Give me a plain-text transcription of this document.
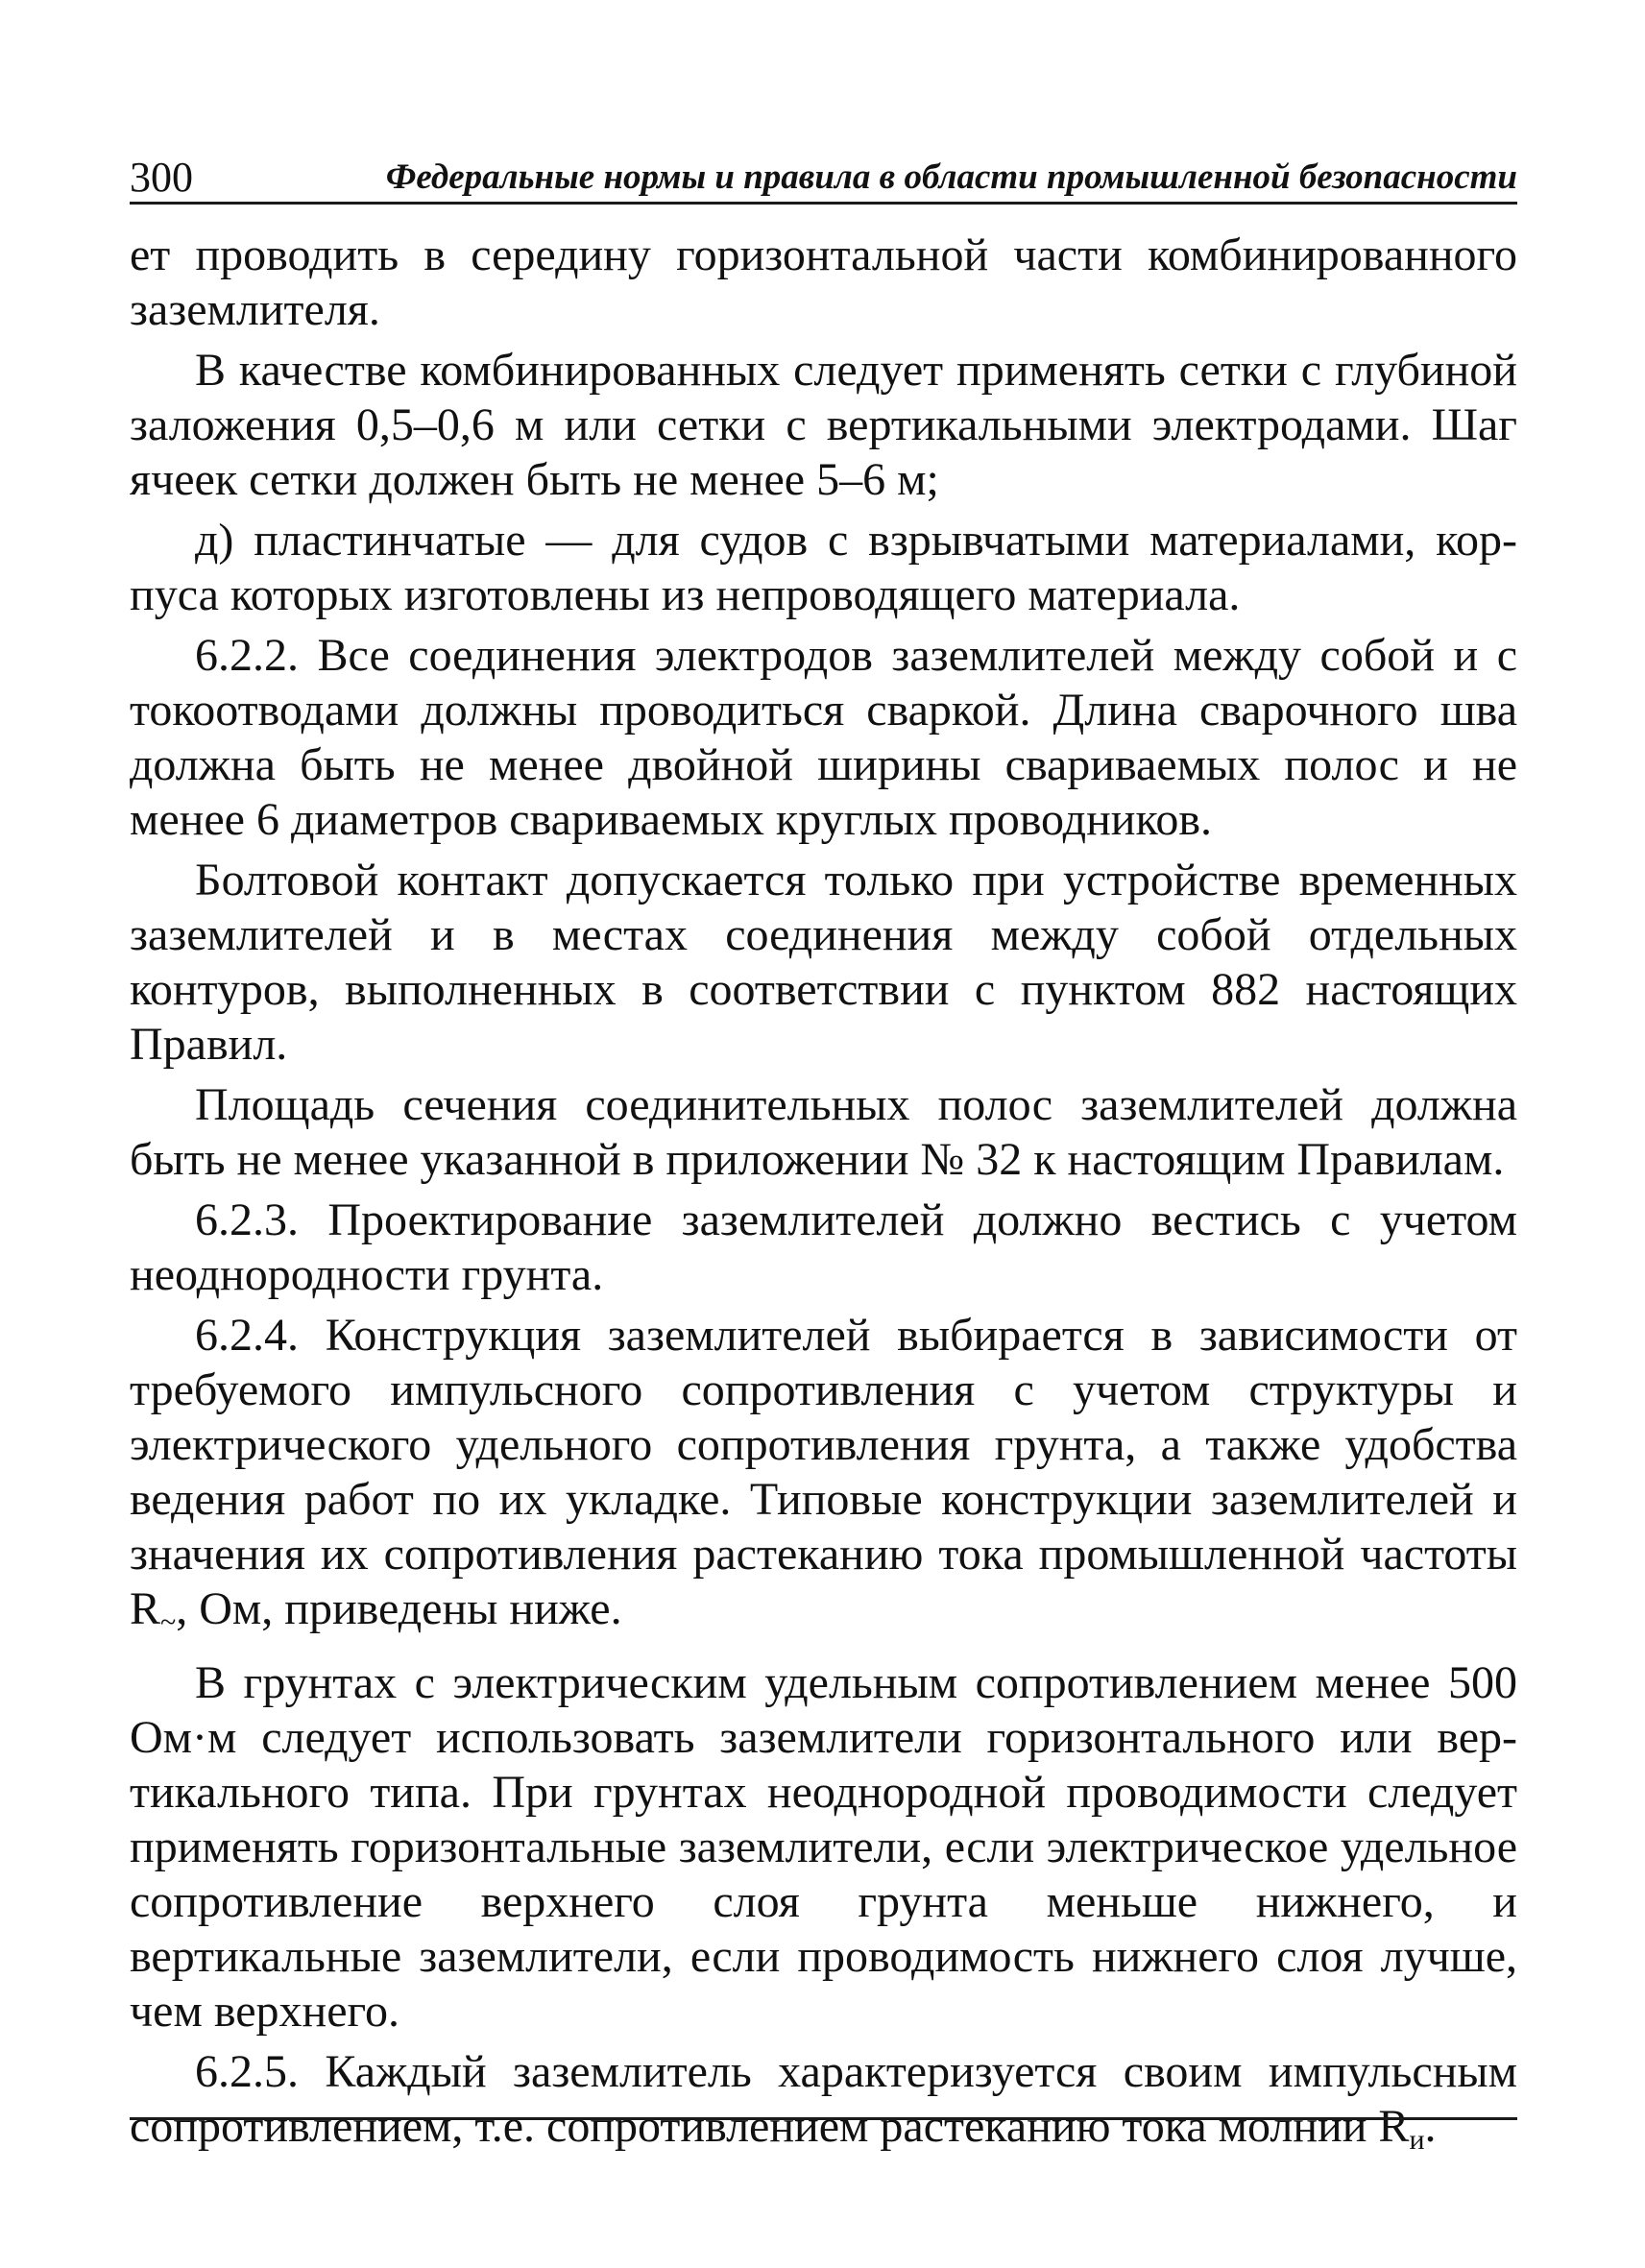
300	Федеральные нормы и правила в области промышленной безопасности

ет проводить в середину горизонтальной части комбинированного заземлителя.

В качестве комбинированных следует применять сетки с глубиной заложения 0,5–0,6 м или сетки с вертикальными электродами. Шаг ячеек сетки должен быть не менее 5–6 м;

д) пластинчатые — для судов с взрывчатыми материалами, корпуса которых изготовлены из непроводящего материала.

6.2.2. Все соединения электродов заземлителей между собой и с токоотводами должны проводиться сваркой. Длина сварочного шва должна быть не менее двойной ширины свариваемых полос и не менее 6 диаметров свариваемых круглых проводников.

Болтовой контакт допускается только при устройстве временных заземлителей и в местах соединения между собой отдельных контуров, выполненных в соответствии с пунктом 882 настоящих Правил.

Площадь сечения соединительных полос заземлителей должна быть не менее указанной в приложении № 32 к настоящим Правилам.

6.2.3. Проектирование заземлителей должно вестись с учетом неоднородности грунта.

6.2.4. Конструкция заземлителей выбирается в зависимости от требуемого импульсного сопротивления с учетом структуры и электрического удельного сопротивления грунта, а также удобства ведения работ по их укладке. Типовые конструкции заземлителей и значения их сопротивления растеканию тока промышленной частоты $R_\sim$, Ом, приведены ниже.

В грунтах с электрическим удельным сопротивлением менее 500 Ом·м следует использовать заземлители горизонтального или вертикального типа. При грунтах неоднородной проводимости следует применять горизонтальные заземлители, если электрическое удельное сопротивление верхнего слоя грунта меньше нижнего, и вертикальные заземлители, если проводимость нижнего слоя лучше, чем верхнего.

6.2.5. Каждый заземлитель характеризуется своим импульсным сопротивлением, т.е. сопротивлением растеканию тока молнии $R_и$.
